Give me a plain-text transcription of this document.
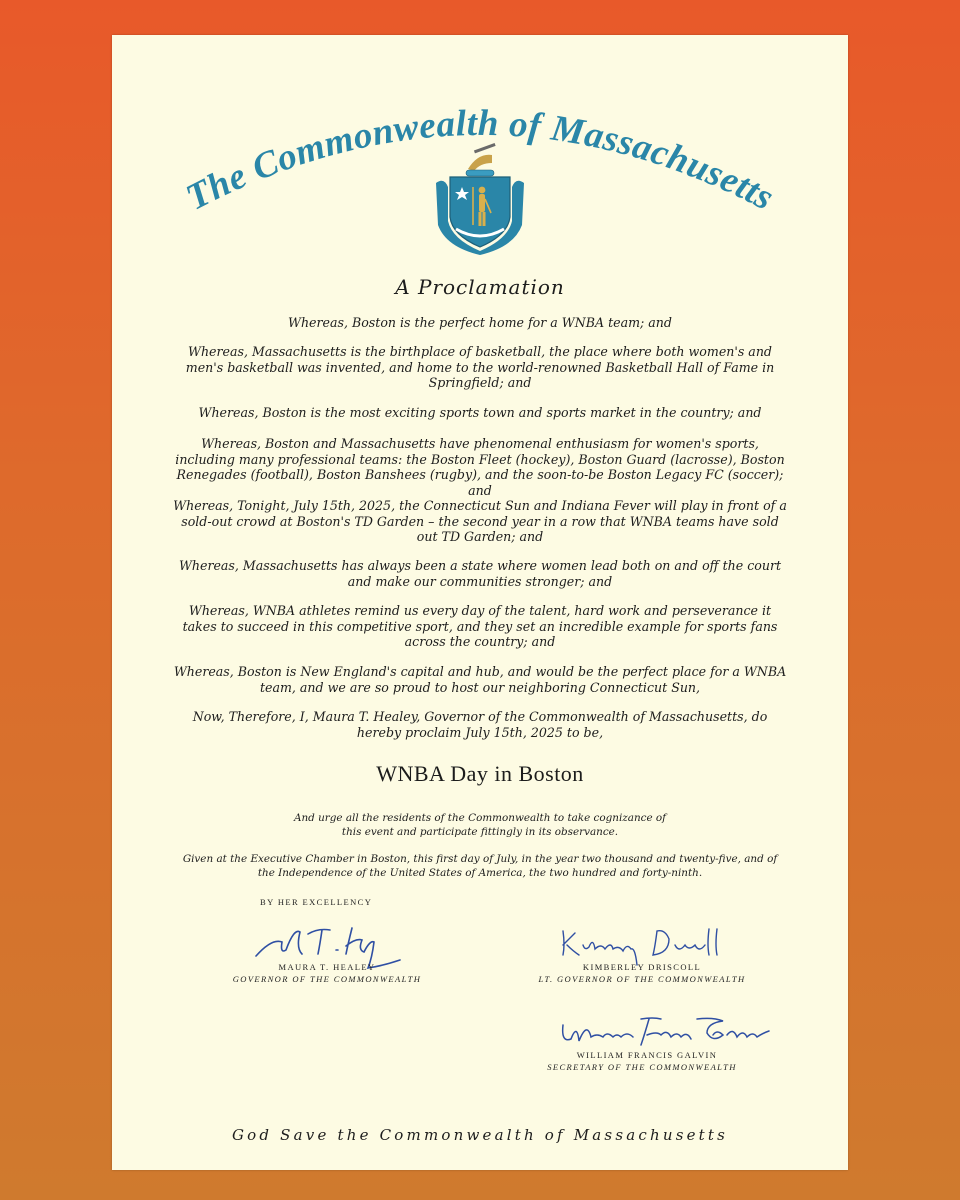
The Commonwealth of Massachusetts
A Proclamation
Whereas, Boston is the perfect home for a WNBA team; and
Whereas, Massachusetts is the birthplace of basketball, the place where both women's and men's basketball was invented, and home to the world-renowned Basketball Hall of Fame in Springfield; and
Whereas, Boston is the most exciting sports town and sports market in the country; and
Whereas, Boston and Massachusetts have phenomenal enthusiasm for women's sports, including many professional teams: the Boston Fleet (hockey), Boston Guard (lacrosse), Boston Renegades (football), Boston Banshees (rugby), and the soon-to-be Boston Legacy FC (soccer); and
Whereas, Tonight, July 15th, 2025, the Connecticut Sun and Indiana Fever will play in front of a sold-out crowd at Boston's TD Garden – the second year in a row that WNBA teams have sold out TD Garden; and
Whereas, Massachusetts has always been a state where women lead both on and off the court and make our communities stronger; and
Whereas, WNBA athletes remind us every day of the talent, hard work and perseverance it takes to succeed in this competitive sport, and they set an incredible example for sports fans across the country; and
Whereas, Boston is New England's capital and hub, and would be the perfect place for a WNBA team, and we are so proud to host our neighboring Connecticut Sun,
Now, Therefore, I, Maura T. Healey, Governor of the Commonwealth of Massachusetts, do hereby proclaim July 15th, 2025 to be,
WNBA Day in Boston
And urge all the residents of the Commonwealth to take cognizance of this event and participate fittingly in its observance.
Given at the Executive Chamber in Boston, this first day of July, in the year two thousand and twenty-five, and of the Independence of the United States of America, the two hundred and forty-ninth.
BY HER EXCELLENCY
MAURA T. HEALEY
GOVERNOR OF THE COMMONWEALTH
KIMBERLEY DRISCOLL
LT. GOVERNOR OF THE COMMONWEALTH
WILLIAM FRANCIS GALVIN
SECRETARY OF THE COMMONWEALTH
God Save the Commonwealth of Massachusetts
